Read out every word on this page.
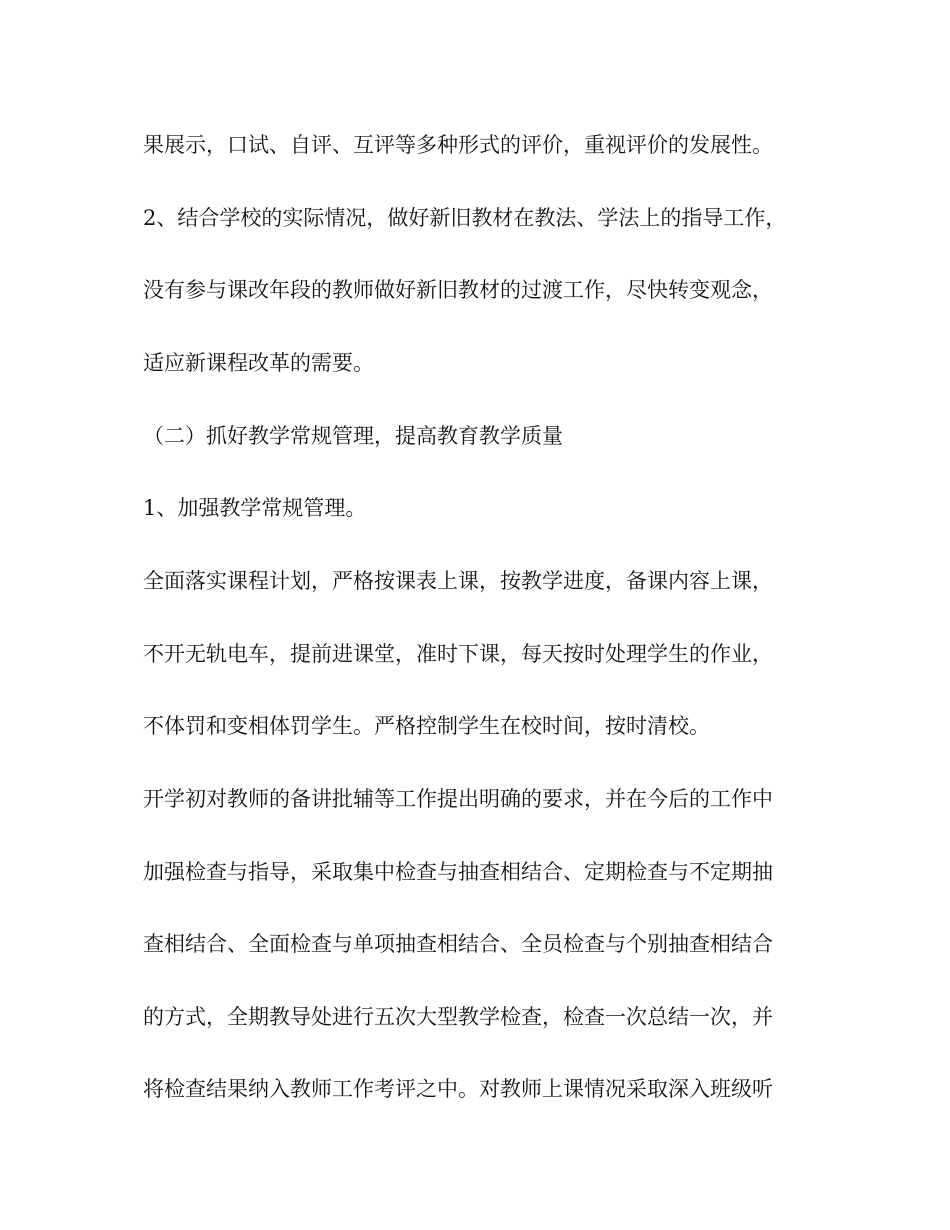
果展示，口试、自评、互评等多种形式的评价，重视评价的发展性。

2、结合学校的实际情况，做好新旧教材在教法、学法上的指导工作，

没有参与课改年段的教师做好新旧教材的过渡工作，尽快转变观念，

适应新课程改革的需要。

（二）抓好教学常规管理，提高教育教学质量

1、加强教学常规管理。

全面落实课程计划，严格按课表上课，按教学进度，备课内容上课，

不开无轨电车，提前进课堂，准时下课，每天按时处理学生的作业，

不体罚和变相体罚学生。严格控制学生在校时间，按时清校。

开学初对教师的备讲批辅等工作提出明确的要求，并在今后的工作中

加强检查与指导，采取集中检查与抽查相结合、定期检查与不定期抽

查相结合、全面检查与单项抽查相结合、全员检查与个别抽查相结合

的方式，全期教导处进行五次大型教学检查，检查一次总结一次，并

将检查结果纳入教师工作考评之中。对教师上课情况采取深入班级听
